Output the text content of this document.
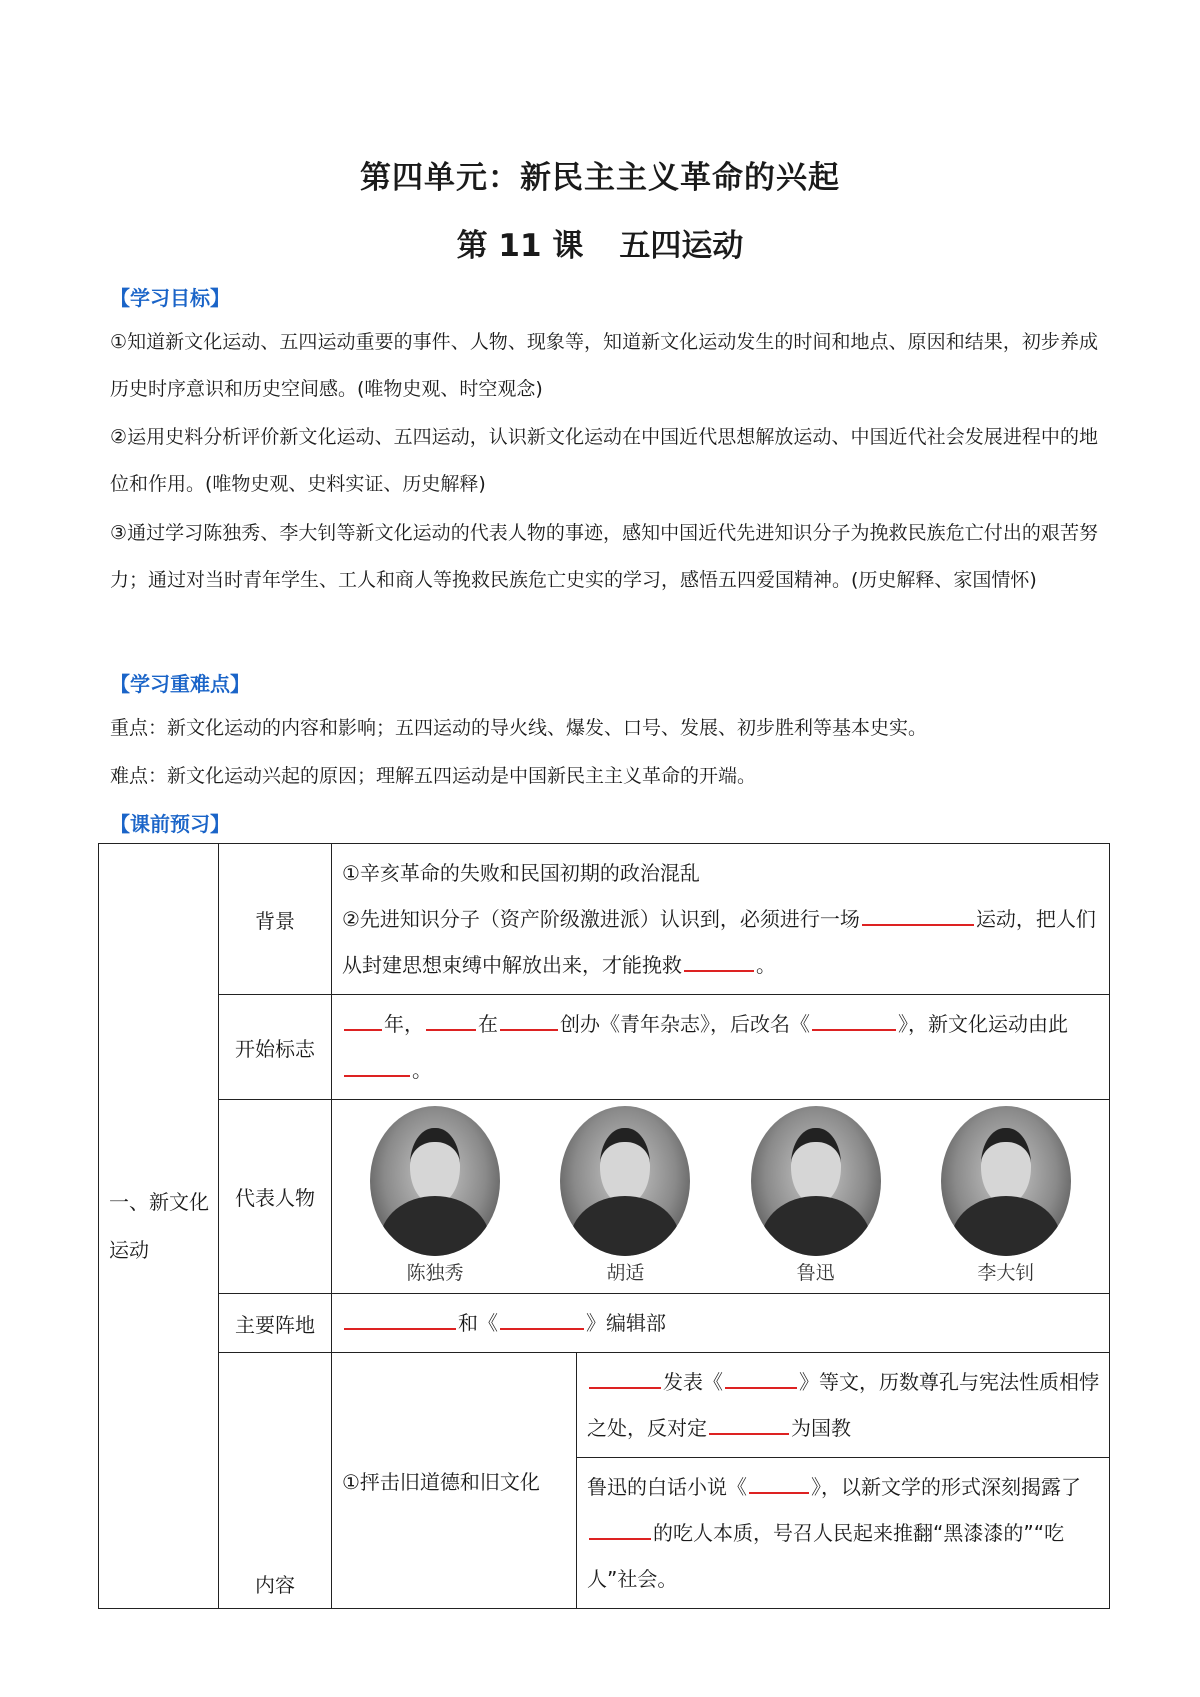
第四单元：新民主主义革命的兴起
第 11 课 五四运动
【学习目标】
①知道新文化运动、五四运动重要的事件、人物、现象等，知道新文化运动发生的时间和地点、原因和结果，初步养成历史时序意识和历史空间感。(唯物史观、时空观念)
②运用史料分析评价新文化运动、五四运动，认识新文化运动在中国近代思想解放运动、中国近代社会发展进程中的地位和作用。(唯物史观、史料实证、历史解释)
③通过学习陈独秀、李大钊等新文化运动的代表人物的事迹，感知中国近代先进知识分子为挽救民族危亡付出的艰苦努力；通过对当时青年学生、工人和商人等挽救民族危亡史实的学习，感悟五四爱国精神。(历史解释、家国情怀)
【学习重难点】
重点：新文化运动的内容和影响；五四运动的导火线、爆发、口号、发展、初步胜利等基本史实。
难点：新文化运动兴起的原因；理解五四运动是中国新民主主义革命的开端。
【课前预习】
一、新文化运动	背景	①辛亥革命的失败和民国初期的政治混乱
②先进知识分子（资产阶级激进派）认识到，必须进行一场 运动，把人们从封建思想束缚中解放出来，才能挽救 。	

	开始标志	年， 在 创办《青年杂志》，后改名《 》，新文化运动由此。	
	代表人物	陈独秀 胡适 鲁迅 李大钊	

	主要阵地	和《 》编辑部	
	内容	①抨击旧道德和旧文化	发表《 》等文，历数尊孔与宪法性质相悖之处，反对定 为国教
鲁迅的白话小说《 》，以新文学的形式深刻揭露了的吃人本质，号召人民起来推翻“黑漆漆的”“吃人”社会。
